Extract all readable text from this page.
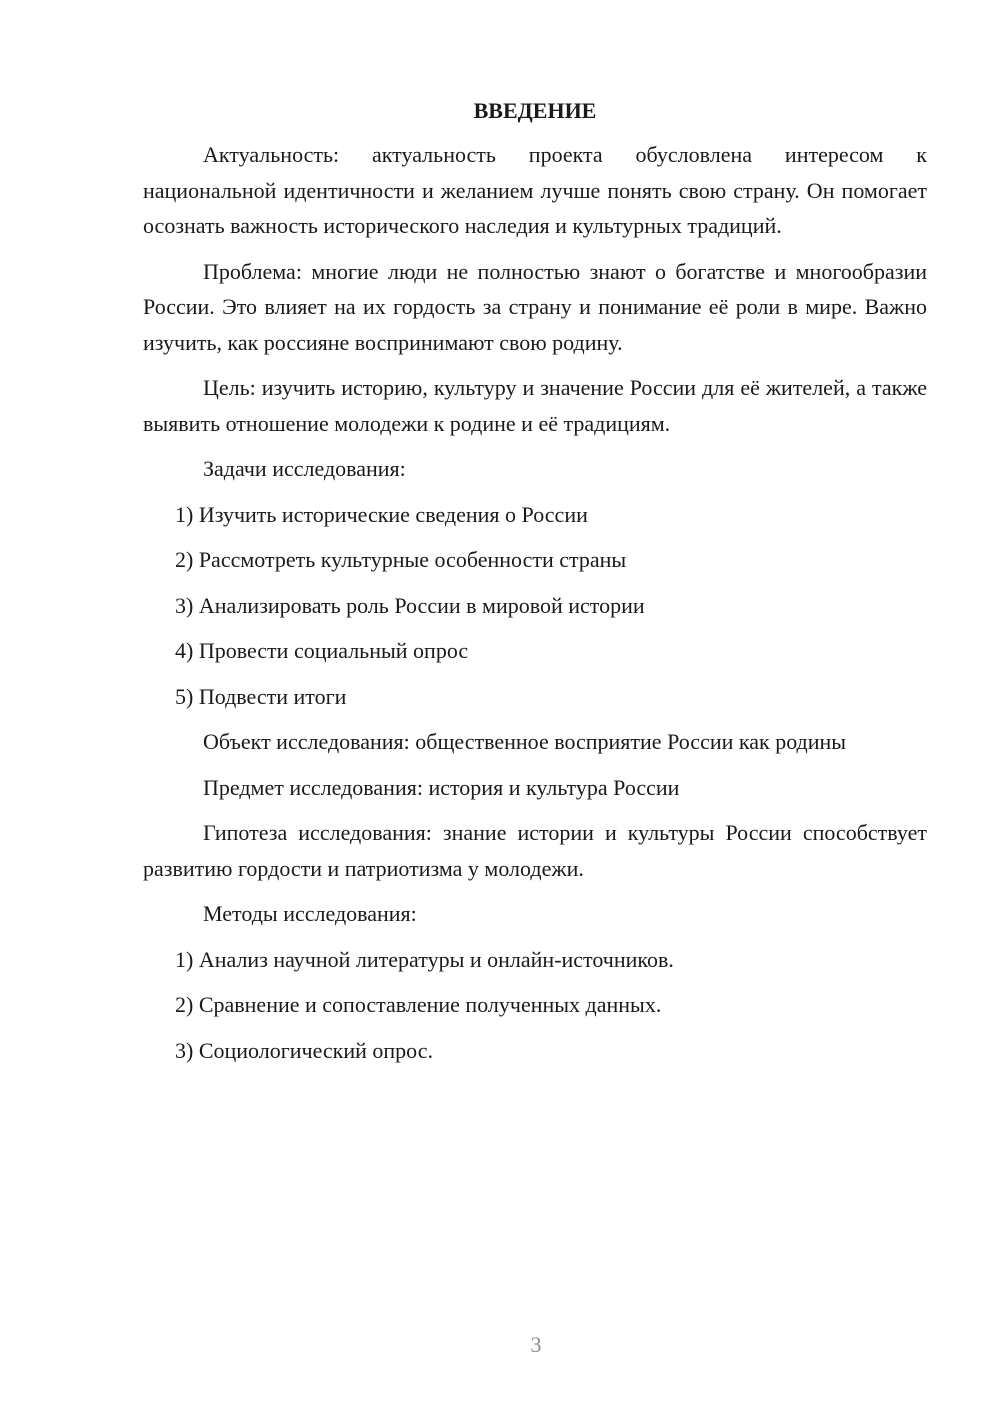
ВВЕДЕНИЕ

Актуальность: актуальность проекта обусловлена интересом к национальной идентичности и желанием лучше понять свою страну. Он помогает осознать важность исторического наследия и культурных традиций.

Проблема: многие люди не полностью знают о богатстве и многообразии России. Это влияет на их гордость за страну и понимание её роли в мире. Важно изучить, как россияне воспринимают свою родину.

Цель: изучить историю, культуру и значение России для её жителей, а также выявить отношение молодежи к родине и её традициям.

Задачи исследования:
1) Изучить исторические сведения о России
2) Рассмотреть культурные особенности страны
3) Анализировать роль России в мировой истории
4) Провести социальный опрос
5) Подвести итоги
Объект исследования: общественное восприятие России как родины
Предмет исследования: история и культура России

Гипотеза исследования: знание истории и культуры России способствует развитию гордости и патриотизма у молодежи.

Методы исследования:
1) Анализ научной литературы и онлайн-источников.
2) Сравнение и сопоставление полученных данных.
3) Социологический опрос.
3
